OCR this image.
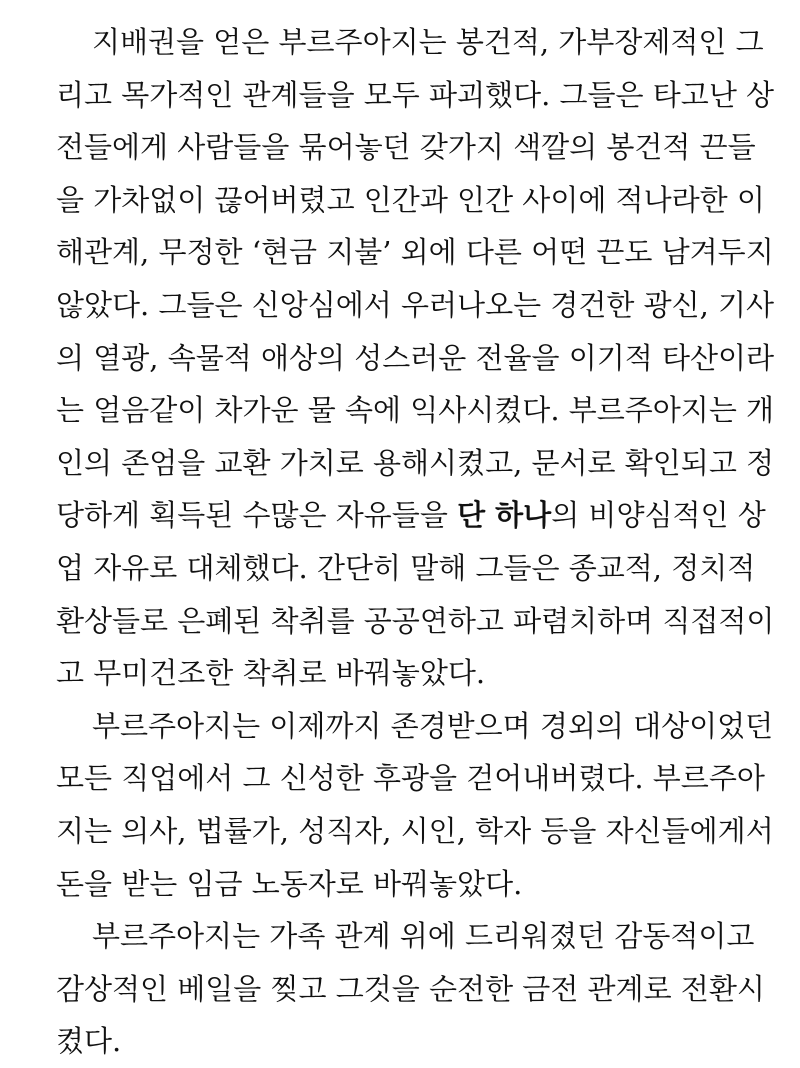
지배권을 얻은 부르주아지는 봉건적, 가부장제적인 그
리고 목가적인 관계들을 모두 파괴했다. 그들은 타고난 상
전들에게 사람들을 묶어놓던 갖가지 색깔의 봉건적 끈들
을 가차없이 끊어버렸고 인간과 인간 사이에 적나라한 이
해관계, 무정한 ‘현금 지불’ 외에 다른 어떤 끈도 남겨두지
않았다. 그들은 신앙심에서 우러나오는 경건한 광신, 기사
의 열광, 속물적 애상의 성스러운 전율을 이기적 타산이라
는 얼음같이 차가운 물 속에 익사시켰다. 부르주아지는 개
인의 존엄을 교환 가치로 용해시켰고, 문서로 확인되고 정
당하게 획득된 수많은 자유들을 단 하나의 비양심적인 상
업 자유로 대체했다. 간단히 말해 그들은 종교적, 정치적
환상들로 은폐된 착취를 공공연하고 파렴치하며 직접적이
고 무미건조한 착취로 바꿔놓았다.
부르주아지는 이제까지 존경받으며 경외의 대상이었던
모든 직업에서 그 신성한 후광을 걷어내버렸다. 부르주아
지는 의사, 법률가, 성직자, 시인, 학자 등을 자신들에게서
돈을 받는 임금 노동자로 바꿔놓았다.
부르주아지는 가족 관계 위에 드리워졌던 감동적이고
감상적인 베일을 찢고 그것을 순전한 금전 관계로 전환시
켰다.
